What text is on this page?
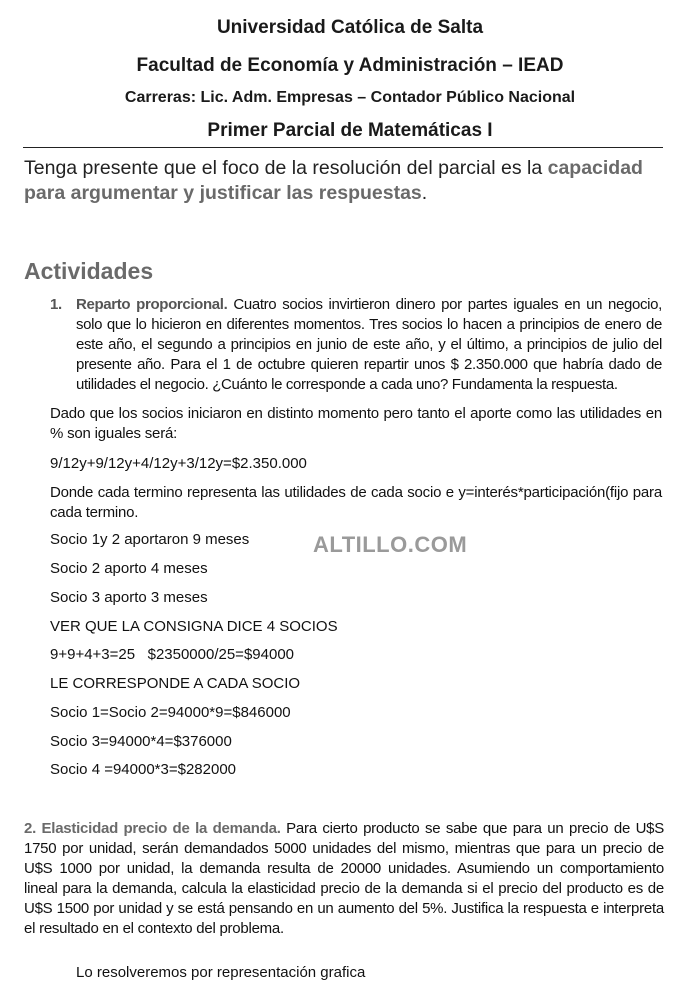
Universidad Católica de Salta
Facultad de Economía y Administración – IEAD
Carreras: Lic. Adm. Empresas – Contador Público Nacional
Primer Parcial de Matemáticas I
Tenga presente que el foco de la resolución del parcial es la capacidad para argumentar y justificar las respuestas.
Actividades
1. Reparto proporcional. Cuatro socios invirtieron dinero por partes iguales en un negocio, solo que lo hicieron en diferentes momentos. Tres socios lo hacen a principios de enero de este año, el segundo a principios en junio de este año, y el último, a principios de julio del presente año. Para el 1 de octubre quieren repartir unos $ 2.350.000 que habría dado de utilidades el negocio. ¿Cuánto le corresponde a cada uno? Fundamenta la respuesta.
Dado que los socios iniciaron en distinto momento pero tanto el aporte como las utilidades en % son iguales será:
9/12y+9/12y+4/12y+3/12y=$2.350.000
Donde cada termino representa las utilidades de cada socio e y=interés*participación(fijo para cada termino.
Socio 1y 2 aportaron 9 meses
Socio 2 aporto 4 meses
Socio 3 aporto 3 meses
VER QUE LA CONSIGNA DICE 4 SOCIOS
9+9+4+3=25   $2350000/25=$94000
LE CORRESPONDE A CADA SOCIO
Socio 1=Socio 2=94000*9=$846000
Socio 3=94000*4=$376000
Socio 4 =94000*3=$282000
ALTILLO.COM
2. Elasticidad precio de la demanda. Para cierto producto se sabe que para un precio de U$S 1750 por unidad, serán demandados 5000 unidades del mismo, mientras que para un precio de U$S 1000 por unidad, la demanda resulta de 20000 unidades. Asumiendo un comportamiento lineal para la demanda, calcula la elasticidad precio de la demanda si el precio del producto es de U$S 1500 por unidad y se está pensando en un aumento del 5%. Justifica la respuesta e interpreta el resultado en el contexto del problema.
Lo resolveremos por representación grafica
